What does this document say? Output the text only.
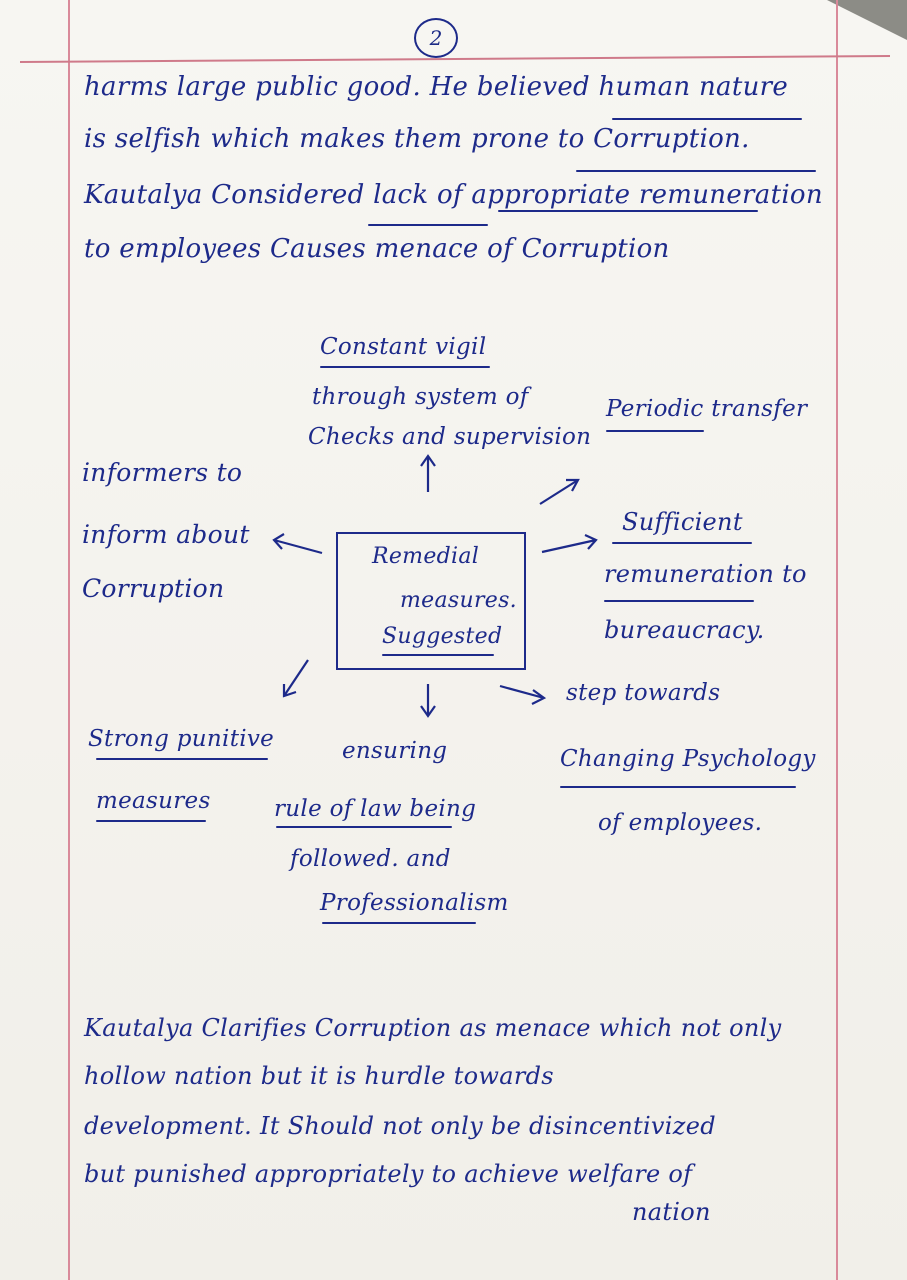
2
harms large public good. He believed human nature
is selfish which makes them prone to Corruption.
Kautalya Considered lack of appropriate remuneration
to employees Causes menace of Corruption
Constant vigil
through system of
Checks and supervision
Periodic transfer
informers to
inform about
Corruption
Remedial
measures.
Suggested
Sufficient
remuneration to
bureaucracy.
step towards
Changing Psychology
of employees.
Strong punitive
measures
ensuring
rule of law being
followed. and
Professionalism
Kautalya Clarifies Corruption as menace which not only
hollow nation but it is hurdle towards
development. It Should not only be disincentivized
but punished appropriately to achieve welfare of
nation
